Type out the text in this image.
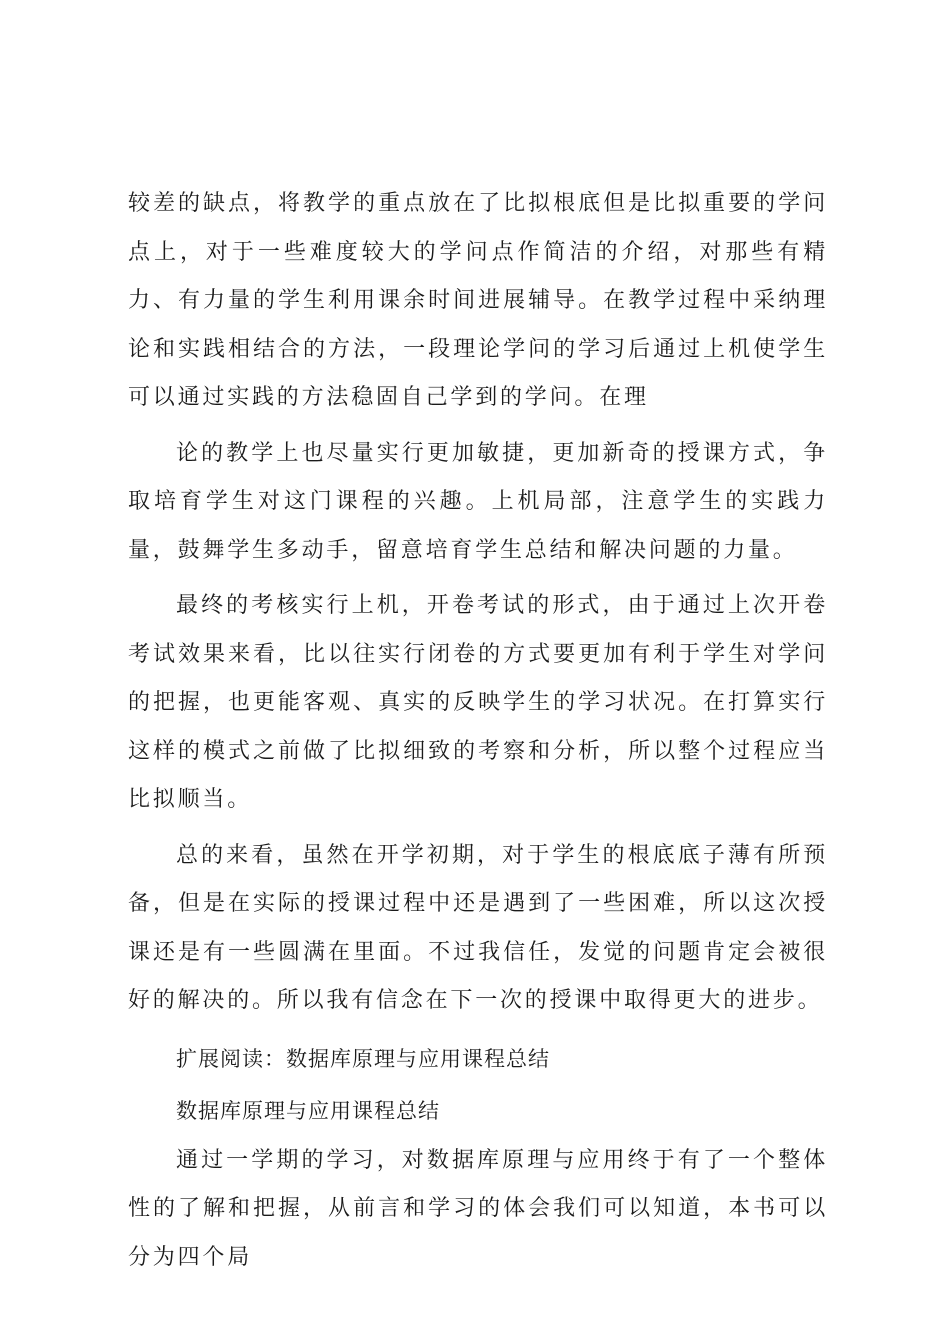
较差的缺点，将教学的重点放在了比拟根底但是比拟重要的学问点上，对于一些难度较大的学问点作简洁的介绍，对那些有精力、有力量的学生利用课余时间进展辅导。在教学过程中采纳理论和实践相结合的方法，一段理论学问的学习后通过上机使学生可以通过实践的方法稳固自己学到的学问。在理

论的教学上也尽量实行更加敏捷，更加新奇的授课方式，争取培育学生对这门课程的兴趣。上机局部，注意学生的实践力量，鼓舞学生多动手，留意培育学生总结和解决问题的力量。

最终的考核实行上机，开卷考试的形式，由于通过上次开卷考试效果来看，比以往实行闭卷的方式要更加有利于学生对学问的把握，也更能客观、真实的反映学生的学习状况。在打算实行这样的模式之前做了比拟细致的考察和分析，所以整个过程应当比拟顺当。

总的来看，虽然在开学初期，对于学生的根底底子薄有所预备，但是在实际的授课过程中还是遇到了一些困难，所以这次授课还是有一些圆满在里面。不过我信任，发觉的问题肯定会被很好的解决的。所以我有信念在下一次的授课中取得更大的进步。

扩展阅读：数据库原理与应用课程总结

数据库原理与应用课程总结

通过一学期的学习，对数据库原理与应用终于有了一个整体性的了解和把握，从前言和学习的体会我们可以知道，本书可以分为四个局
